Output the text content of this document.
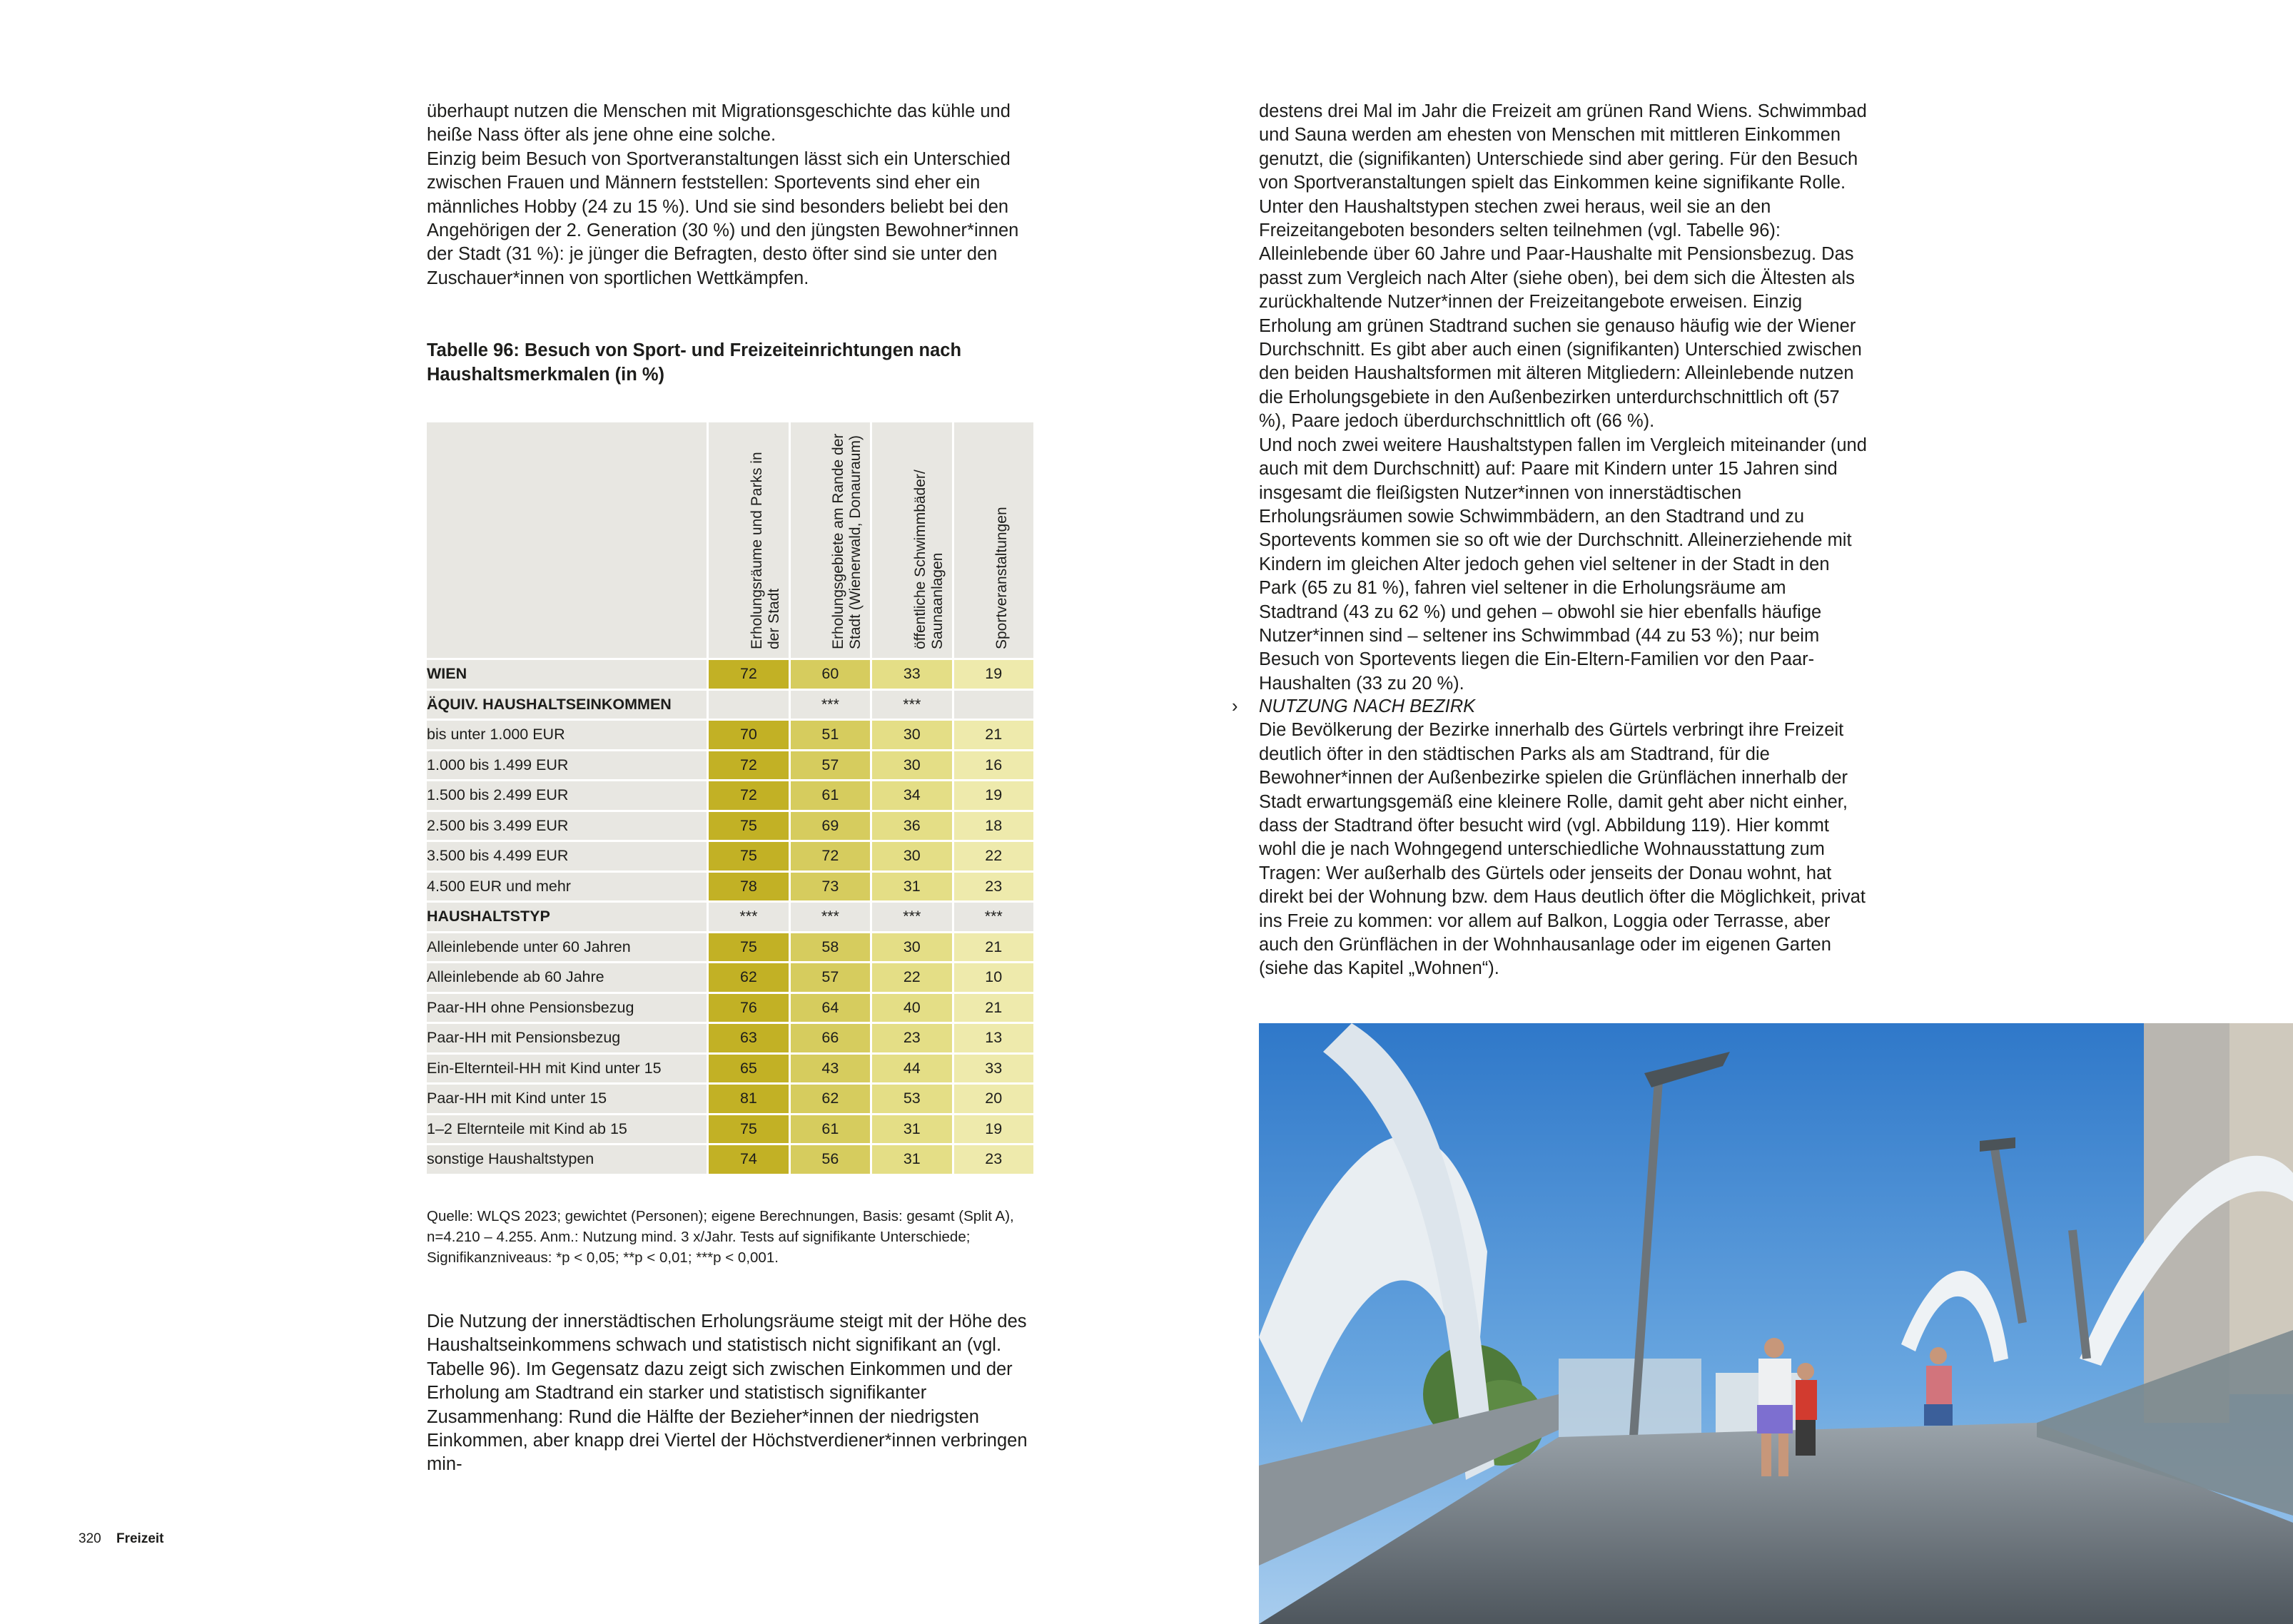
überhaupt nutzen die Menschen mit Migrationsgeschichte das kühle und heiße Nass öfter als jene ohne eine solche.

Einzig beim Besuch von Sportveranstaltungen lässt sich ein Unterschied zwischen Frauen und Männern feststellen: Sportevents sind eher ein männliches Hobby (24 zu 15 %). Und sie sind besonders beliebt bei den Angehörigen der 2. Generation (30 %) und den jüngsten Bewohner*innen der Stadt (31 %): je jünger die Befragten, desto öfter sind sie unter den Zuschauer*innen von sportlichen Wettkämpfen.

Tabelle 96: Besuch von Sport- und Freizeiteinrichtungen nach Haushaltsmerkmalen (in %)

	Erholungsräume und Parks in der Stadt	Erholungsgebiete am Rande der Stadt (Wienerwald, Donauraum)	öffentliche Schwimmbäder/ Saunaanlagen	Sportveranstaltungen

WIEN	72	60	33	19
ÄQUIV. HAUSHALTSEINKOMMEN		***	***	
bis unter 1.000 EUR	70	51	30	21
1.000 bis 1.499 EUR	72	57	30	16
1.500 bis 2.499 EUR	72	61	34	19
2.500 bis 3.499 EUR	75	69	36	18
3.500 bis 4.499 EUR	75	72	30	22
4.500 EUR und mehr	78	73	31	23
HAUSHALTSTYP	***	***	***	***
Alleinlebende unter 60 Jahren	75	58	30	21
Alleinlebende ab 60 Jahre	62	57	22	10
Paar-HH ohne Pensionsbezug	76	64	40	21
Paar-HH mit Pensionsbezug	63	66	23	13
Ein-Elternteil-HH mit Kind unter 15	65	43	44	33
Paar-HH mit Kind unter 15	81	62	53	20
1–2 Elternteile mit Kind ab 15	75	61	31	19
sonstige Haushaltstypen	74	56	31	23
Quelle: WLQS 2023; gewichtet (Personen); eigene Berechnungen, Basis: gesamt (Split A), n=4.210 – 4.255. Anm.: Nutzung mind. 3 x/Jahr. Tests auf signifikante Unterschiede; Signifikanzniveaus: *p < 0,05; **p < 0,01; ***p < 0,001.

Die Nutzung der innerstädtischen Erholungsräume steigt mit der Höhe des Haushaltseinkommens schwach und statistisch nicht signifikant an (vgl. Tabelle 96). Im Gegensatz dazu zeigt sich zwischen Einkommen und der Erholung am Stadtrand ein starker und statistisch signifikanter Zusammenhang: Rund die Hälfte der Bezieher*innen der niedrigsten Einkommen, aber knapp drei Viertel der Höchstverdiener*innen verbringen min-

destens drei Mal im Jahr die Freizeit am grünen Rand Wiens. Schwimmbad und Sauna werden am ehesten von Menschen mit mittleren Einkommen genutzt, die (signifikanten) Unterschiede sind aber gering. Für den Besuch von Sportveranstaltungen spielt das Einkommen keine signifikante Rolle.

Unter den Haushaltstypen stechen zwei heraus, weil sie an den Freizeitangeboten besonders selten teilnehmen (vgl. Tabelle 96): Alleinlebende über 60 Jahre und Paar-Haushalte mit Pensionsbezug. Das passt zum Vergleich nach Alter (siehe oben), bei dem sich die Ältesten als zurückhaltende Nutzer*innen der Freizeitangebote erweisen. Einzig Erholung am grünen Stadtrand suchen sie genauso häufig wie der Wiener Durchschnitt. Es gibt aber auch einen (signifikanten) Unterschied zwischen den beiden Haushaltsformen mit älteren Mitgliedern: Alleinlebende nutzen die Erholungsgebiete in den Außenbezirken unterdurchschnittlich oft (57 %), Paare jedoch überdurchschnittlich oft (66 %).

Und noch zwei weitere Haushaltstypen fallen im Vergleich miteinander (und auch mit dem Durchschnitt) auf: Paare mit Kindern unter 15 Jahren sind insgesamt die fleißigsten Nutzer*innen von innerstädtischen Erholungsräumen sowie Schwimmbädern, an den Stadtrand und zu Sportevents kommen sie so oft wie der Durchschnitt. Alleinerziehende mit Kindern im gleichen Alter jedoch gehen viel seltener in der Stadt in den Park (65 zu 81 %), fahren viel seltener in die Erholungsräume am Stadtrand (43 zu 62 %) und gehen – obwohl sie hier ebenfalls häufige Nutzer*innen sind – seltener ins Schwimmbad (44 zu 53 %); nur beim Besuch von Sportevents liegen die Ein-Eltern-Familien vor den Paar-Haushalten (33 zu 20 %).

› NUTZUNG NACH BEZIRK
Die Bevölkerung der Bezirke innerhalb des Gürtels verbringt ihre Freizeit deutlich öfter in den städtischen Parks als am Stadtrand, für die Bewohner*innen der Außenbezirke spielen die Grünflächen innerhalb der Stadt erwartungsgemäß eine kleinere Rolle, damit geht aber nicht einher, dass der Stadtrand öfter besucht wird (vgl. Abbildung 119). Hier kommt wohl die je nach Wohngegend unterschiedliche Wohnausstattung zum Tragen: Wer außerhalb des Gürtels oder jenseits der Donau wohnt, hat direkt bei der Wohnung bzw. dem Haus deutlich öfter die Möglichkeit, privat ins Freie zu kommen: vor allem auf Balkon, Loggia oder Terrasse, aber auch den Grünflächen in der Wohnhausanlage oder im eigenen Garten (siehe das Kapitel „Wohnen“).
320 Freizeit
